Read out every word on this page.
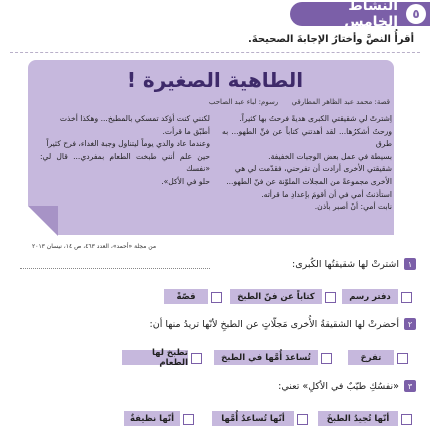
٥
النشاط الخامس
أقرأُ النصَّ وأختارُ الإجابةَ الصحيحةَ.
الطاهية الصغيرة !
قصة: محمد عبد الظاهر المطارقي      رسوم: لباء عبد الصاحب

اِشترتْ لي شقيقتي الكبرى هديةً فرحتُ بها كثيراً.

ورحتُ أشكرُها... لقد أهدتني كتاباً عن فنِّ الطهو... به طرق

بسيطة في عمل بعض الوجبات الخفيفة.

شقيقتي الأخرى أرادت أن تفرحني، فقدّمت لي هي

الأخرى مجموعةً من المجلات الملوّنة عن فنّ الطهو...

استأذنتُ أمي في أن أقومَ بإعدادِ ما قرأته.

نابت أمي: أنْ أصبر بأذن.

لكنني كنت أؤكد تمسكي بالمطبخ... وهكذا أخذت

أطبّق ما قرأت.

وعندما عاد والدي يوماً ليتناول وجبة الغداء، فرح كثيراً

حين علم أنني طبخت الطعام بمفردي... قال لي: «نفسك

حلو في الأكل».

من مجلة «أحمد»، العدد ٤٦٣، ص ١٤، نيسان ٢٠١٣
١
اشترتْ لها شقيقتُها الكُبرى:
قصّةً	كتاباً عن فنّ الطبخ	دفتر رسم
٢
أحضرتْ لها الشقيقةُ الأُخرى مَجلّاتٍ عن الطبخِ لأنّها تريدُ منها أن:
تطبخ لها الطعام	تُساعدَ أُمَّها في الطبخ	تفرحَ
٣
«نفسُكِ طيّبٌ في الأكلِ» تعني:
أنّها نظيفةٌ	أنّها تُساعدُ أُمَّها	أنّها تُجيدُ الطبخَ
